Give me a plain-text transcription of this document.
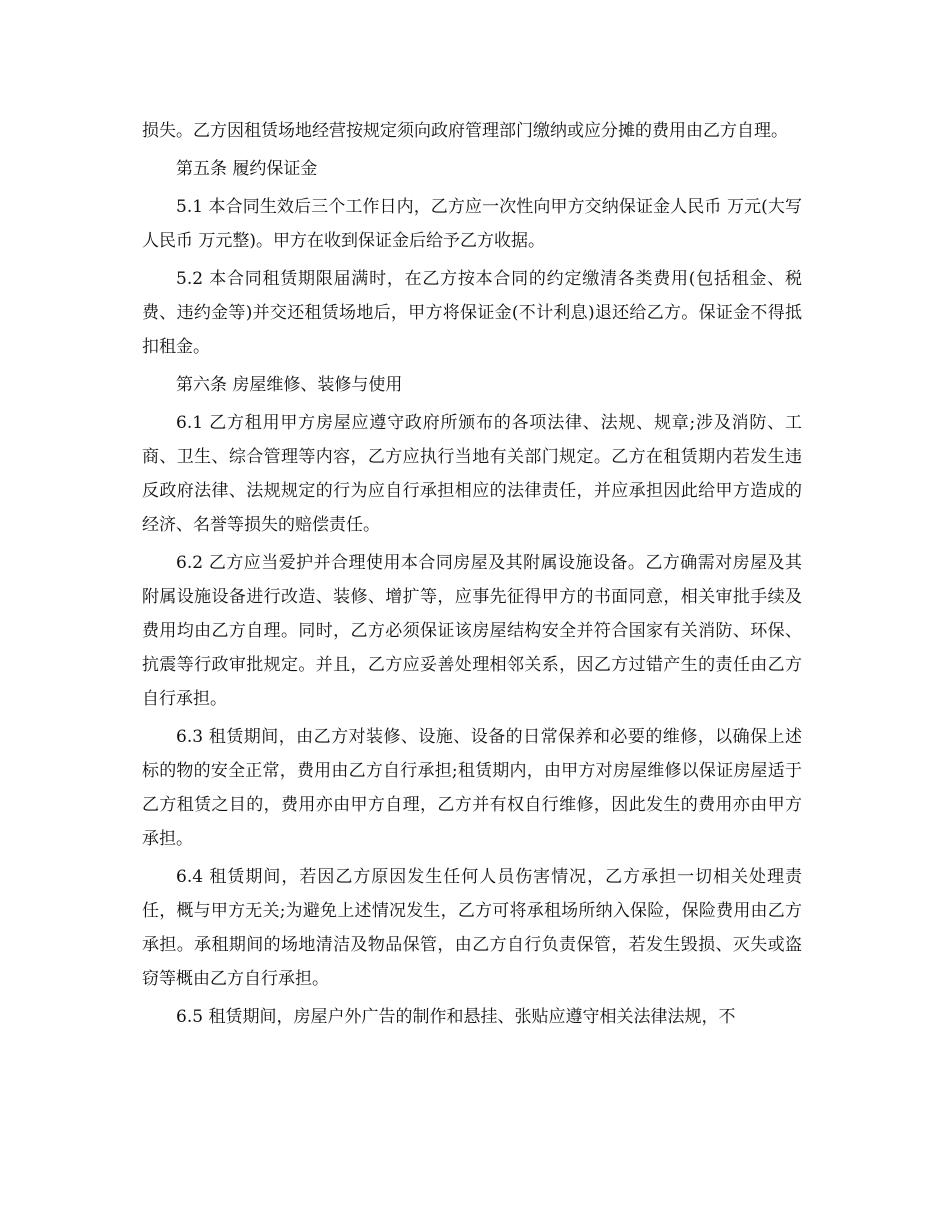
损失。乙方因租赁场地经营按规定须向政府管理部门缴纳或应分摊的费用由乙方自理。

第五条 履约保证金

5.1 本合同生效后三个工作日内，乙方应一次性向甲方交纳保证金人民币 万元(大写人民币 万元整)。甲方在收到保证金后给予乙方收据。

5.2 本合同租赁期限届满时，在乙方按本合同的约定缴清各类费用(包括租金、税费、违约金等)并交还租赁场地后，甲方将保证金(不计利息)退还给乙方。保证金不得抵扣租金。

第六条 房屋维修、装修与使用

6.1 乙方租用甲方房屋应遵守政府所颁布的各项法律、法规、规章;涉及消防、工商、卫生、综合管理等内容，乙方应执行当地有关部门规定。乙方在租赁期内若发生违反政府法律、法规规定的行为应自行承担相应的法律责任，并应承担因此给甲方造成的经济、名誉等损失的赔偿责任。

6.2 乙方应当爱护并合理使用本合同房屋及其附属设施设备。乙方确需对房屋及其附属设施设备进行改造、装修、增扩等，应事先征得甲方的书面同意，相关审批手续及费用均由乙方自理。同时，乙方必须保证该房屋结构安全并符合国家有关消防、环保、抗震等行政审批规定。并且，乙方应妥善处理相邻关系，因乙方过错产生的责任由乙方自行承担。

6.3 租赁期间，由乙方对装修、设施、设备的日常保养和必要的维修，以确保上述标的物的安全正常，费用由乙方自行承担;租赁期内，由甲方对房屋维修以保证房屋适于乙方租赁之目的，费用亦由甲方自理，乙方并有权自行维修，因此发生的费用亦由甲方承担。

6.4 租赁期间，若因乙方原因发生任何人员伤害情况，乙方承担一切相关处理责任，概与甲方无关;为避免上述情况发生，乙方可将承租场所纳入保险，保险费用由乙方承担。承租期间的场地清洁及物品保管，由乙方自行负责保管，若发生毁损、灭失或盗窃等概由乙方自行承担。

6.5 租赁期间，房屋户外广告的制作和悬挂、张贴应遵守相关法律法规，不
